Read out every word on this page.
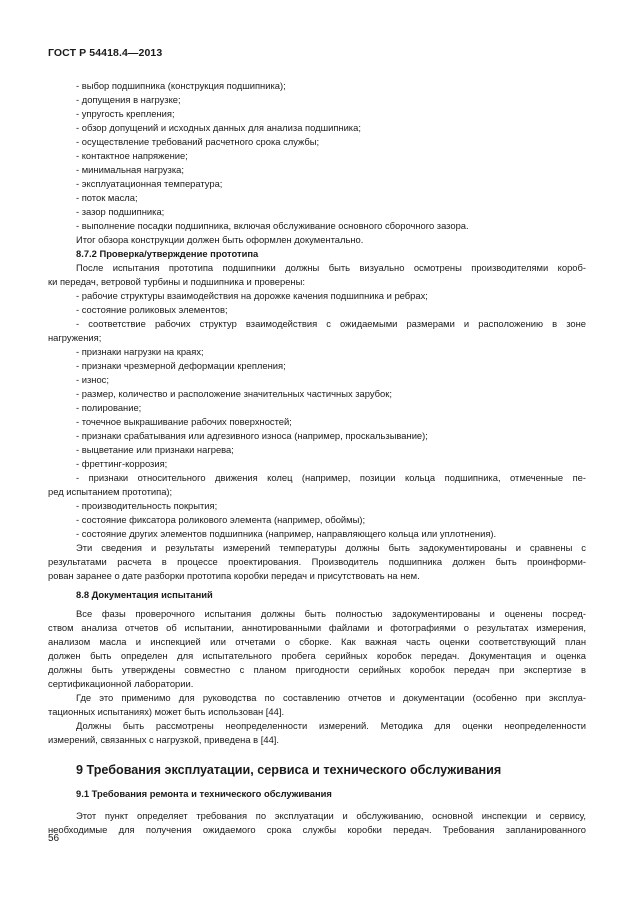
ГОСТ Р 54418.4—2013
- выбор подшипника (конструкция подшипника);
- допущения в нагрузке;
- упругость крепления;
- обзор допущений и исходных данных для анализа подшипника;
- осуществление требований расчетного срока службы;
- контактное напряжение;
- минимальная нагрузка;
- эксплуатационная температура;
- поток масла;
- зазор подшипника;
- выполнение посадки подшипника, включая обслуживание основного сборочного зазора.
Итог обзора конструкции должен быть оформлен документально.
8.7.2 Проверка/утверждение прототипа
После испытания прототипа подшипники должны быть визуально осмотрены производителями короб-
ки передач, ветровой турбины и подшипника и проверены:
- рабочие структуры взаимодействия на дорожке качения подшипника и ребрах;
- состояние роликовых элементов;
- соответствие рабочих структур взаимодействия с ожидаемыми размерами и расположению в зоне
нагружения;
- признаки нагрузки на краях;
- признаки чрезмерной деформации крепления;
- износ;
- размер, количество и расположение значительных частичных зарубок;
- полирование;
- точечное выкрашивание рабочих поверхностей;
- признаки срабатывания или адгезивного износа (например, проскальзывание);
- выцветание или признаки нагрева;
- фреттинг-коррозия;
- признаки относительного движения колец (например, позиции кольца подшипника, отмеченные пе-
ред испытанием прототипа);
- производительность покрытия;
- состояние фиксатора роликового элемента (например, обоймы);
- состояние других элементов подшипника (например, направляющего кольца или уплотнения).
Эти сведения и результаты измерений температуры должны быть задокументированы и сравнены с
результатами расчета в процессе проектирования. Производитель подшипника должен быть проинформи-
рован заранее о дате разборки прототипа коробки передач и присутствовать на нем.
8.8 Документация испытаний
Все фазы проверочного испытания должны быть полностью задокументированы и оценены посред-
ством анализа отчетов об испытании, аннотированными файлами и фотографиями о результатах измерения,
анализом масла и инспекцией или отчетами о сборке. Как важная часть оценки соответствующий план
должен быть определен для испытательного пробега серийных коробок передач. Документация и оценка
должны быть утверждены совместно с планом пригодности серийных коробок передач при экспертизе в
сертификационной лаборатории.
Где это применимо для руководства по составлению отчетов и документации (особенно при эксплуа-
тационных испытаниях) может быть использован [44].
Должны быть рассмотрены неопределенности измерений. Методика для оценки неопределенности
измерений, связанных с нагрузкой, приведена в [44].
9 Требования эксплуатации, сервиса и технического обслуживания
9.1 Требования ремонта и технического обслуживания
Этот пункт определяет требования по эксплуатации и обслуживанию, основной инспекции и сервису,
необходимые для получения ожидаемого срока службы коробки передач. Требования запланированного
56
